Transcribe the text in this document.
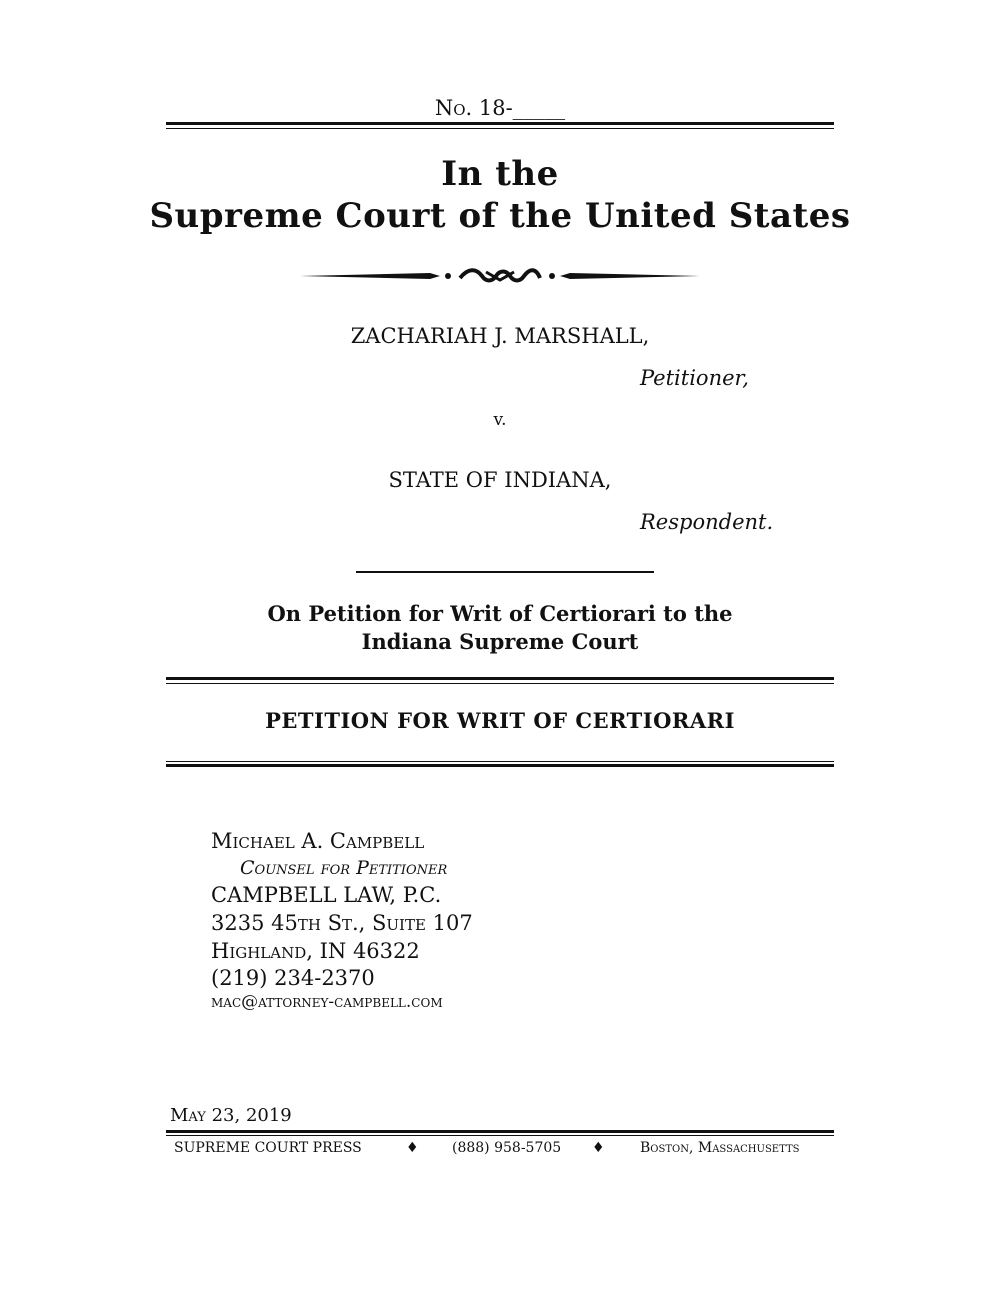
No. 18-_____
In the
Supreme Court of the United States
ZACHARIAH J. MARSHALL,
Petitioner,
v.
STATE OF INDIANA,
Respondent.
On Petition for Writ of Certiorari to the
Indiana Supreme Court
PETITION FOR WRIT OF CERTIORARI
Michael A. Campbell
Counsel for Petitioner
CAMPBELL LAW, P.C.
3235 45th St., Suite 107
Highland, IN 46322
(219) 234-2370
mac@attorney-campbell.com
May 23, 2019
SUPREME COURT PRESS	♦ (888) 958-5705 ♦	Boston, Massachusetts
